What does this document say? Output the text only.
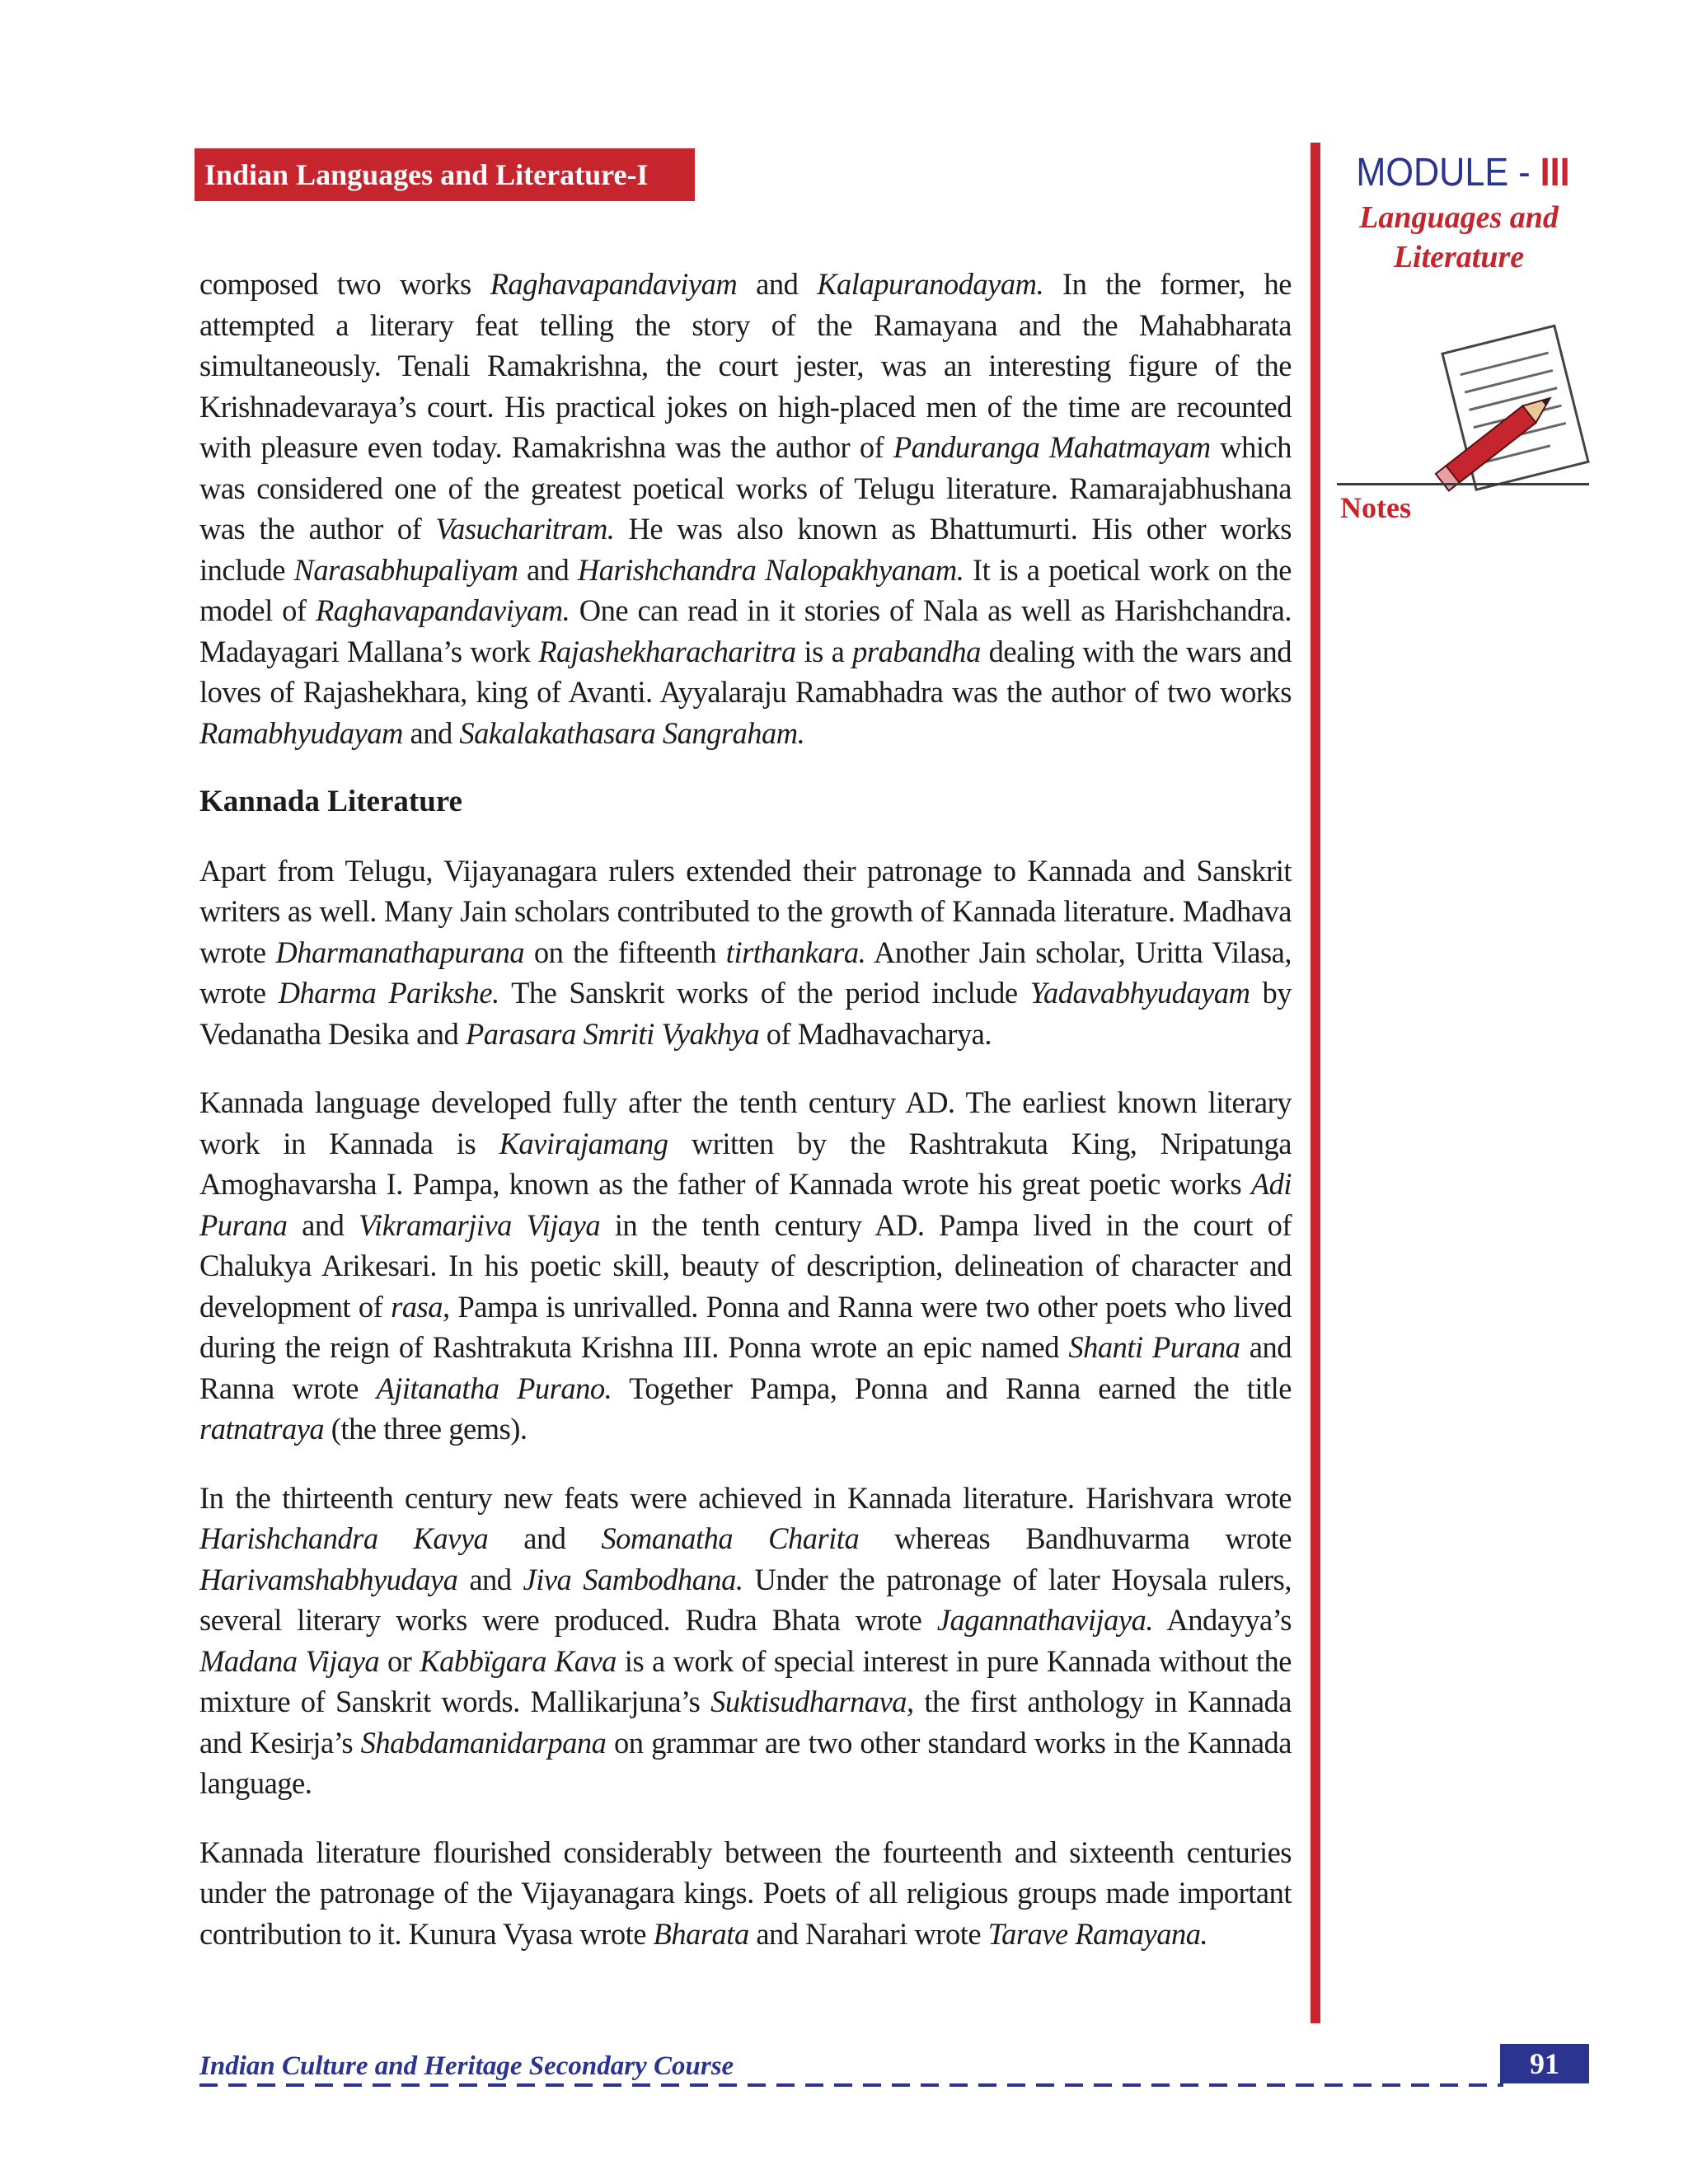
Indian Languages and Literature-I	MODULE - III
Languages and
Literature
Notes

composed two works Raghavapandaviyam and Kalapuranodayam. In the former, he attempted a literary feat telling the story of the Ramayana and the Mahabharata simultaneously. Tenali Ramakrishna, the court jester, was an interesting figure of the Krishnadevaraya’s court. His practical jokes on high-placed men of the time are recounted with pleasure even today. Ramakrishna was the author of Panduranga Mahatmayam which was considered one of the greatest poetical works of Telugu literature. Ramarajabhushana was the author of Vasucharitram. He was also known as Bhattumurti. His other works include Narasabhupaliyam and Harishchandra Nalopakhyanam. It is a poetical work on the model of Raghavapandaviyam. One can read in it stories of Nala as well as Harishchandra. Madayagari Mallana’s work Rajashekharacharitra is a prabandha dealing with the wars and loves of Rajashekhara, king of Avanti. Ayyalaraju Ramabhadra was the author of two works Ramabhyudayam and Sakalakathasara Sangraham.

Kannada Literature

Apart from Telugu, Vijayanagara rulers extended their patronage to Kannada and Sanskrit writers as well. Many Jain scholars contributed to the growth of Kannada literature. Madhava wrote Dharmanathapurana on the fifteenth tirthankara. Another Jain scholar, Uritta Vilasa, wrote Dharma Parikshe. The Sanskrit works of the period include Yadavabhyudayam by Vedanatha Desika and Parasara Smriti Vyakhya of Madhavacharya.

Kannada language developed fully after the tenth century AD. The earliest known literary work in Kannada is Kavirajamang written by the Rashtrakuta King, Nripatunga Amoghavarsha I. Pampa, known as the father of Kannada wrote his great poetic works Adi Purana and Vikramarjiva Vijaya in the tenth century AD. Pampa lived in the court of Chalukya Arikesari. In his poetic skill, beauty of description, delineation of character and development of rasa, Pampa is unrivalled. Ponna and Ranna were two other poets who lived during the reign of Rashtrakuta Krishna III. Ponna wrote an epic named Shanti Purana and Ranna wrote Ajitanatha Purano. Together Pampa, Ponna and Ranna earned the title ratnatraya (the three gems).

In the thirteenth century new feats were achieved in Kannada literature. Harishvara wrote Harishchandra Kavya and Somanatha Charita whereas Bandhuvarma wrote Harivamshabhyudaya and Jiva Sambodhana. Under the patronage of later Hoysala rulers, several literary works were produced. Rudra Bhata wrote Jagannathavijaya. Andayya’s Madana Vijaya or Kabbïgara Kava is a work of special interest in pure Kannada without the mixture of Sanskrit words. Mallikarjuna’s Suktisudharnava, the first anthology in Kannada and Kesirja’s Shabdamanidarpana on grammar are two other standard works in the Kannada language.

Kannada literature flourished considerably between the fourteenth and sixteenth centuries under the patronage of the Vijayanagara kings. Poets of all religious groups made important contribution to it. Kunura Vyasa wrote Bharata and Narahari wrote Tarave Ramayana.

Indian Culture and Heritage Secondary Course	91
